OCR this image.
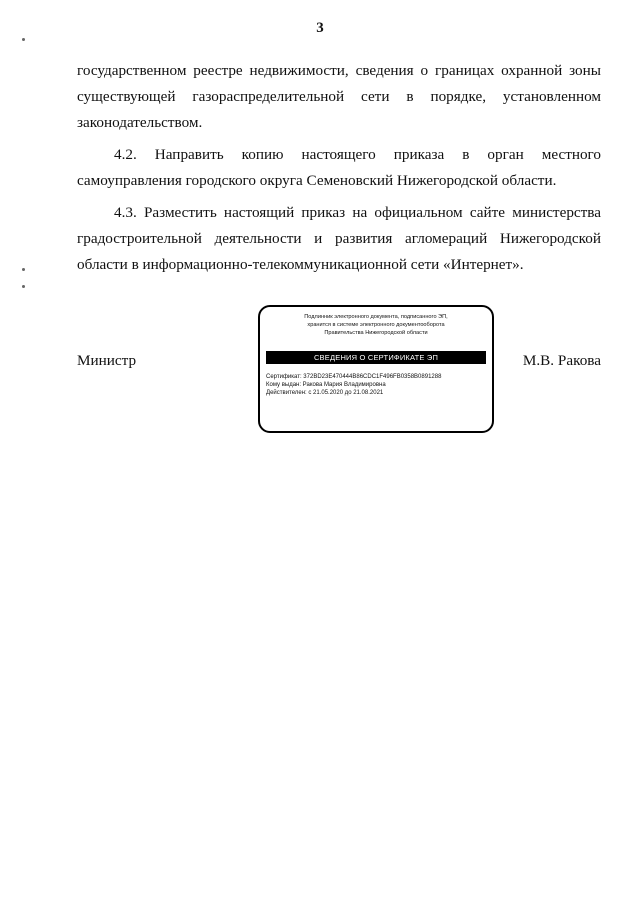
3

государственном реестре недвижимости, сведения о границах охранной зоны существующей газораспределительной сети в порядке, установленном законодательством.

4.2. Направить копию настоящего приказа в орган местного самоуправления городского округа Семеновский Нижегородской области.

4.3. Разместить настоящий приказ на официальном сайте министерства градостроительной деятельности и развития агломераций Нижегородской области в информационно-телекоммуникационной сети «Интернет».

Министр	М.В. Ракова
Подлинник электронного документа, подписанного ЭП,
хранится в системе электронного документооборота
Правительства Нижегородской области
СВЕДЕНИЯ О СЕРТИФИКАТЕ ЭП
Сертификат: 372BD23E470444B86CDC1F496FB0358B0891288
Кому выдан: Ракова Мария Владимировна
Действителен: с 21.05.2020 до 21.08.2021
